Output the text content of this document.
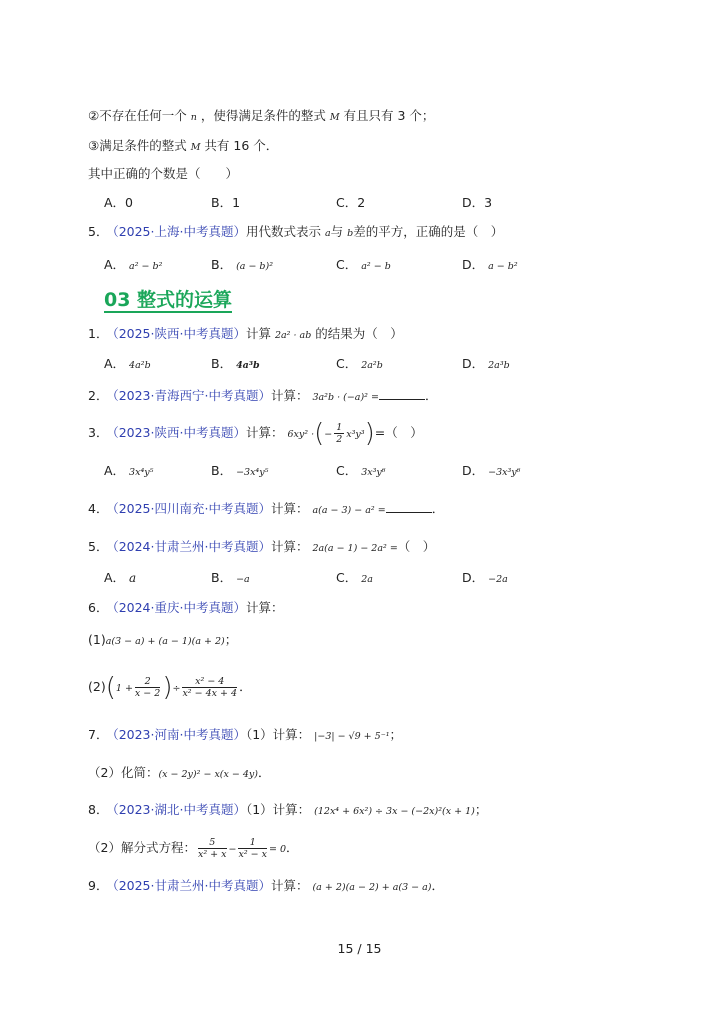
②不存在任何一个 n ，使得满足条件的整式 M 有且只有 3 个；
③满足条件的整式 M 共有 16 个．
其中正确的个数是（　　）
A．0	B．1	C．2	D．3
5． （2025·上海·中考真题）用代数式表示 a与 b差的平方，正确的是（　）
A． a² − b²	B． (a − b)²	C． a² − b	D． a − b²
03 整式的运算
1． （2025·陕西·中考真题）计算 2a² · ab 的结果为（　）
A． 4a²b	B． 4a³b	C． 2a²b	D． 2a³b
2． （2023·青海西宁·中考真题）计算： 3a²b · (−a)² =	．
3． （2023·陕西·中考真题）计算： 6xy² ·(− $\frac{1}{2} x^3y^3)=$（　）
A． 3x⁴y⁵	B． −3x⁴y⁵	C． 3x³y⁶	D． −3x³y⁶
4． （2025·四川南充·中考真题）计算： a(a − 3) − a² =	．
5． （2024·甘肃兰州·中考真题）计算： 2a(a − 1) − 2a² =（　）
A． a	B． −a	C． 2a	D． −2a
6． （2024·重庆·中考真题）计算：
(1)a(3 − a) + (a − 1)(a + 2)；
$(2)(1 + \frac{2}{x - 2}$ )÷ $\frac{\text{x² − 4}}{\text{x² − 4x + 4}}$ ．
7． （2023·河南·中考真题）（1）计算： |−3| − √9 + 5⁻¹；
（2）化简：(x − 2y)² − x(x − 4y)．
8． （2023·湖北·中考真题）（1）计算： (12x⁴ + 6x²) ÷ 3x − (−2x)²(x + 1)；
（2）解分式方程： $\frac{5}{\text{x² + x}} - \frac{1}{\text{x² − x}} = 0$．
9． （2025·甘肃兰州·中考真题）计算： (a + 2)(a − 2) + a(3 − a)．
15 / 15
